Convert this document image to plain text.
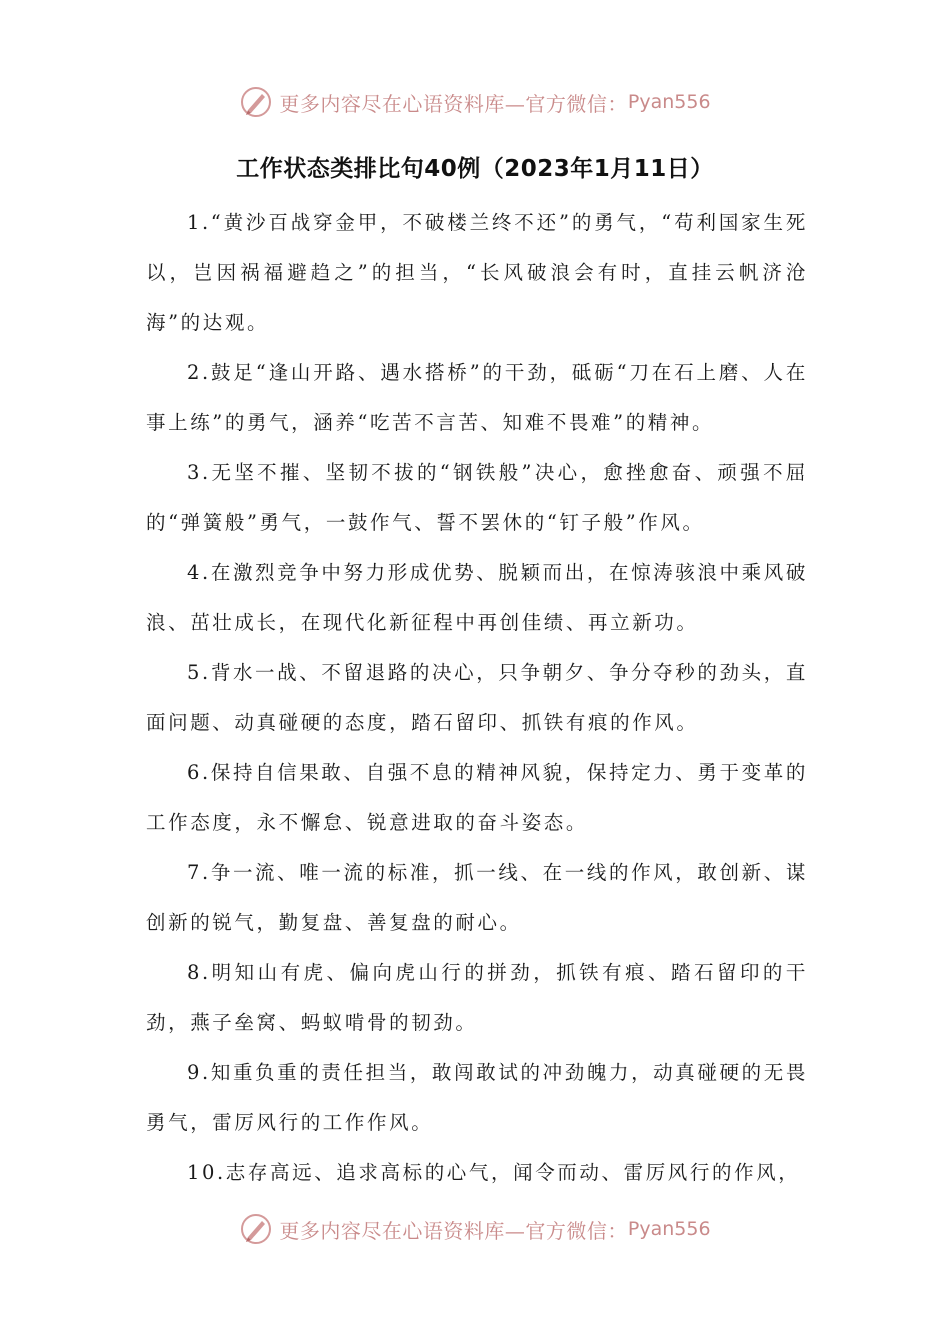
更多内容尽在心语资料库—官方微信： Pyan556
工作状态类排比句40例（2023年1月11日）

1.“黄沙百战穿金甲，不破楼兰终不还”的勇气，“苟利国家生死以，岂因祸福避趋之”的担当，“长风破浪会有时，直挂云帆济沧海”的达观。

2.鼓足“逢山开路、遇水搭桥”的干劲，砥砺“刀在石上磨、人在事上练”的勇气，涵养“吃苦不言苦、知难不畏难”的精神。

3.无坚不摧、坚韧不拔的“钢铁般”决心，愈挫愈奋、顽强不屈的“弹簧般”勇气，一鼓作气、誓不罢休的“钉子般”作风。

4.在激烈竞争中努力形成优势、脱颖而出，在惊涛骇浪中乘风破浪、茁壮成长，在现代化新征程中再创佳绩、再立新功。

5.背水一战、不留退路的决心，只争朝夕、争分夺秒的劲头，直面问题、动真碰硬的态度，踏石留印、抓铁有痕的作风。

6.保持自信果敢、自强不息的精神风貌，保持定力、勇于变革的工作态度，永不懈怠、锐意进取的奋斗姿态。

7.争一流、唯一流的标准，抓一线、在一线的作风，敢创新、谋创新的锐气，勤复盘、善复盘的耐心。

8.明知山有虎、偏向虎山行的拼劲，抓铁有痕、踏石留印的干劲，燕子垒窝、蚂蚁啃骨的韧劲。

9.知重负重的责任担当，敢闯敢试的冲劲魄力，动真碰硬的无畏勇气，雷厉风行的工作作风。

10.志存高远、追求高标的心气，闻令而动、雷厉风行的作风，

更多内容尽在心语资料库—官方微信： Pyan556
